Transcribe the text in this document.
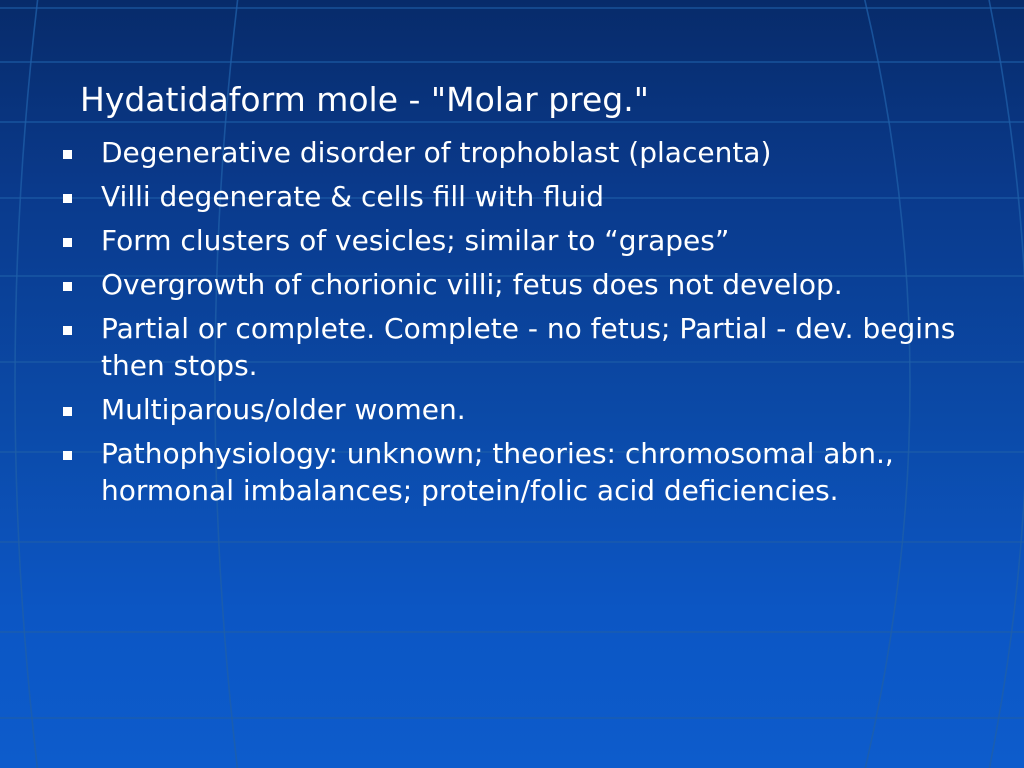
Hydatidaform mole - "Molar preg."
Degenerative disorder of trophoblast (placenta)
Villi degenerate & cells fill with fluid
Form clusters of vesicles; similar to “grapes”
Overgrowth of chorionic villi; fetus does not develop.
Partial or complete. Complete - no fetus; Partial - dev. begins then stops.
Multiparous/older women.
Pathophysiology: unknown; theories: chromosomal abn., hormonal imbalances; protein/folic acid deficiencies.
